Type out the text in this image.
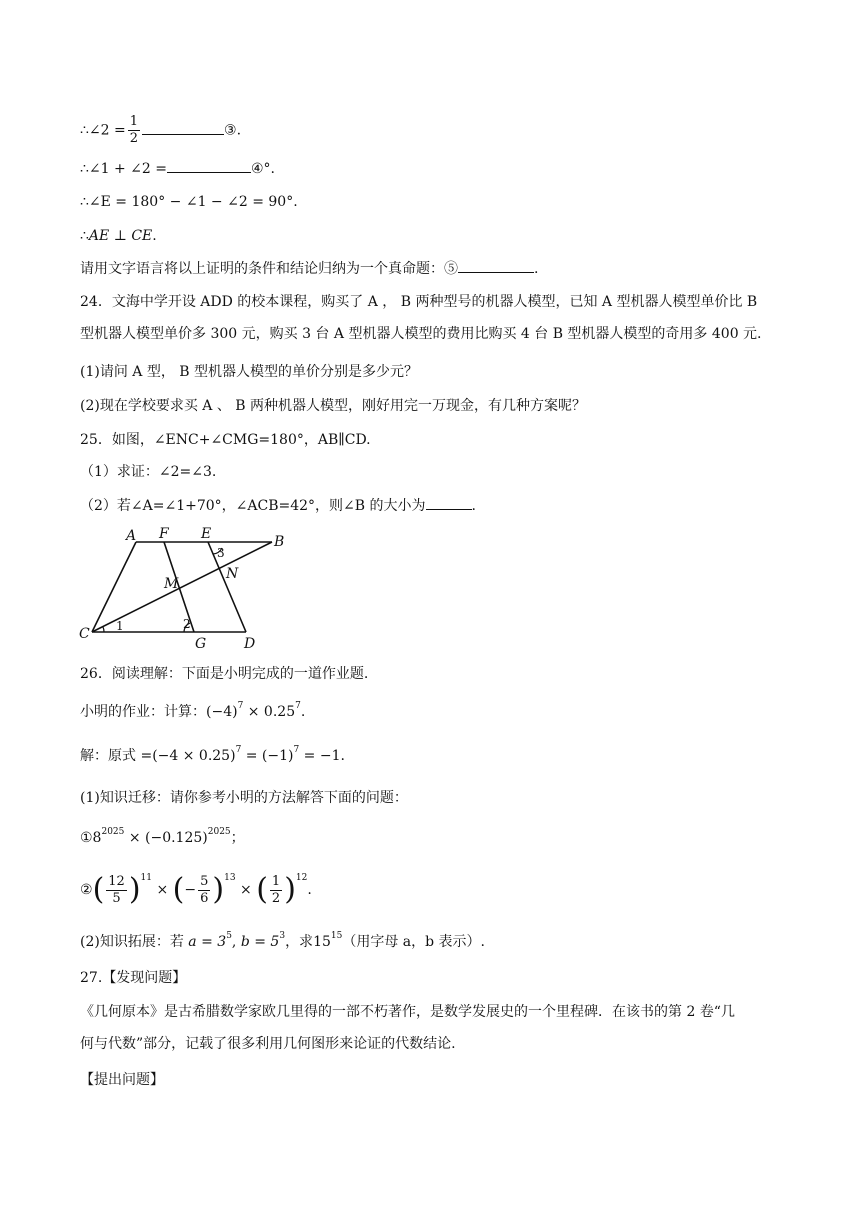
∴∠2 = $\frac{1}{2}$	③.
∴∠1 + ∠2 =	④°.
∴∠E = 180° − ∠1 − ∠2 = 90°.
∴AE ⊥ CE.
请用文字语言将以上证明的条件和结论归纳为一个真命题：⑤	.
24．文海中学开设 ADD 的校本课程，购买了 A ， B 两种型号的机器人模型，已知 A 型机器人模型单价比 B
型机器人模型单价多 300 元，购买 3 台 A 型机器人模型的费用比购买 4 台 B 型机器人模型的奇用多 400 元.
(1)请问 A 型， B 型机器人模型的单价分别是多少元？
(2)现在学校要求买 A 、 B 两种机器人模型，刚好用完一万现金，有几种方案呢？
25．如图，∠ENC+∠CMG=180°，AB∥CD.
（1）求证：∠2=∠3.
（2）若∠A=∠1+70°，∠ACB=42°，则∠B 的大小为	.
A F E	B
M
N
C
G	D
1	2
3
26．阅读理解：下面是小明完成的一道作业题.
小明的作业：计算：$(-4)^7 \times 0.25^7$.
解：原式 $=(-4 \times 0.25)^7 = (-1)^7 = -1$.
(1)知识迁移：请你参考小明的方法解答下面的问题：
$①8^{2025} \times (-0.125)^{2025}$；
②( $\frac{12}{5} )^{11}$ × (− $\frac{5}{6} )^{13}$ × ( $\frac{1}{2} )^{12}$.
(2)知识拓展：若 $a = 3^5$, $b = 5^3$，求$15^{15}$（用字母 a，b 表示）.
27.【发现问题】
《几何原本》是古希腊数学家欧几里得的一部不朽著作，是数学发展史的一个里程碑．在该书的第 2 卷“几
何与代数”部分，记载了很多利用几何图形来论证的代数结论.
【提出问题】
